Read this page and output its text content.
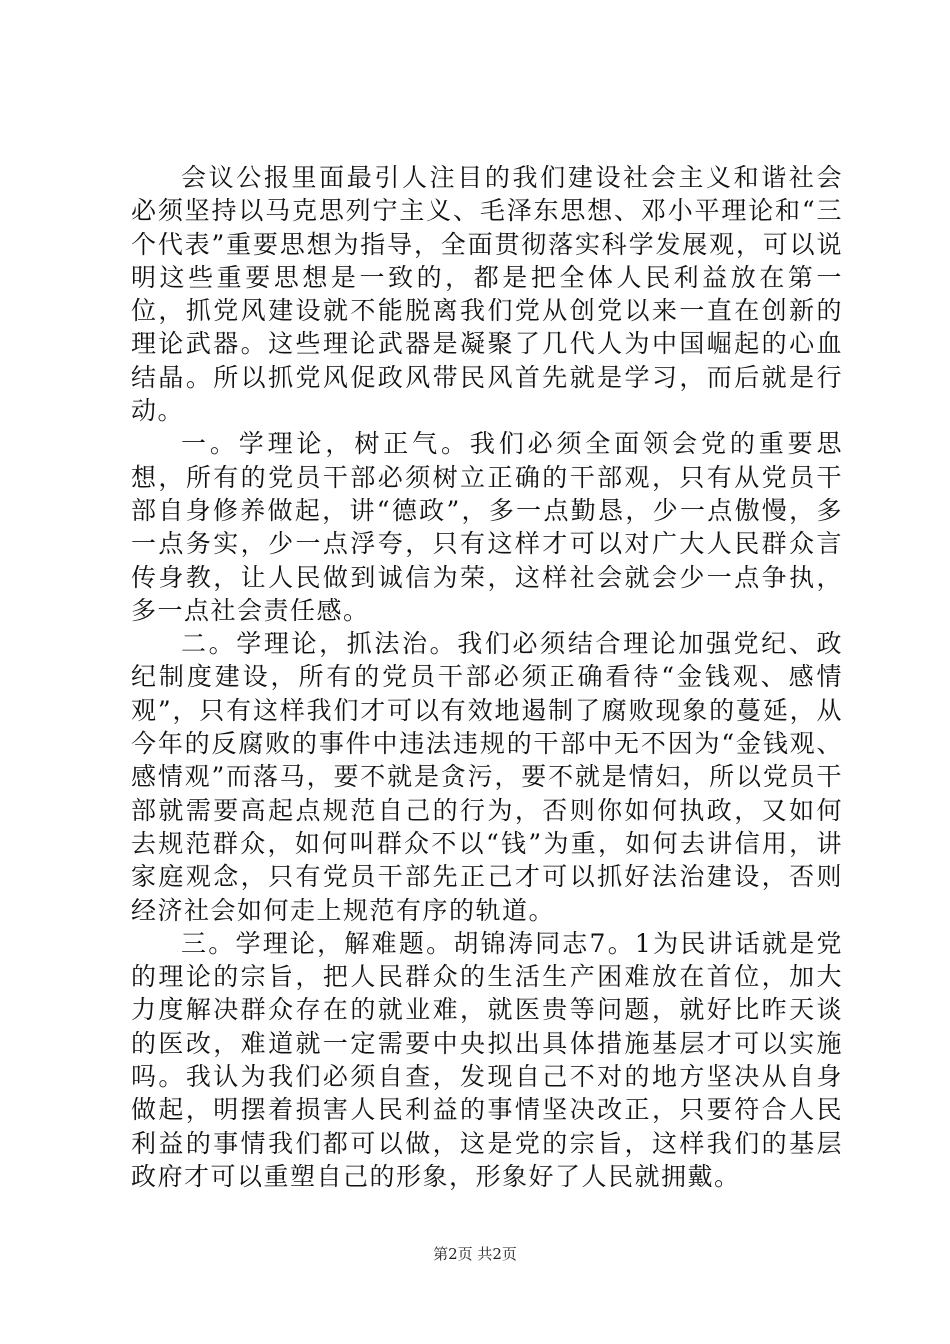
会议公报里面最引人注目的我们建设社会主义和谐社会必须坚持以马克思列宁主义、毛泽东思想、邓小平理论和“三个代表”重要思想为指导，全面贯彻落实科学发展观，可以说明这些重要思想是一致的，都是把全体人民利益放在第一位，抓党风建设就不能脱离我们党从创党以来一直在创新的理论武器。这些理论武器是凝聚了几代人为中国崛起的心血结晶。所以抓党风促政风带民风首先就是学习，而后就是行动。

一。学理论，树正气。我们必须全面领会党的重要思想，所有的党员干部必须树立正确的干部观，只有从党员干部自身修养做起，讲“德政”，多一点勤恳，少一点傲慢，多一点务实，少一点浮夸，只有这样才可以对广大人民群众言传身教，让人民做到诚信为荣，这样社会就会少一点争执，多一点社会责任感。

二。学理论，抓法治。我们必须结合理论加强党纪、政纪制度建设，所有的党员干部必须正确看待“金钱观、感情观”，只有这样我们才可以有效地遏制了腐败现象的蔓延，从今年的反腐败的事件中违法违规的干部中无不因为“金钱观、感情观”而落马，要不就是贪污，要不就是情妇，所以党员干部就需要高起点规范自己的行为，否则你如何执政，又如何去规范群众，如何叫群众不以“钱”为重，如何去讲信用，讲家庭观念，只有党员干部先正己才可以抓好法治建设，否则经济社会如何走上规范有序的轨道。

三。学理论，解难题。胡锦涛同志7。1为民讲话就是党的理论的宗旨，把人民群众的生活生产困难放在首位，加大力度解决群众存在的就业难，就医贵等问题，就好比昨天谈的医改，难道就一定需要中央拟出具体措施基层才可以实施吗。我认为我们必须自查，发现自己不对的地方坚决从自身做起，明摆着损害人民利益的事情坚决改正，只要符合人民利益的事情我们都可以做，这是党的宗旨，这样我们的基层政府才可以重塑自己的形象，形象好了人民就拥戴。

第2页 共2页
